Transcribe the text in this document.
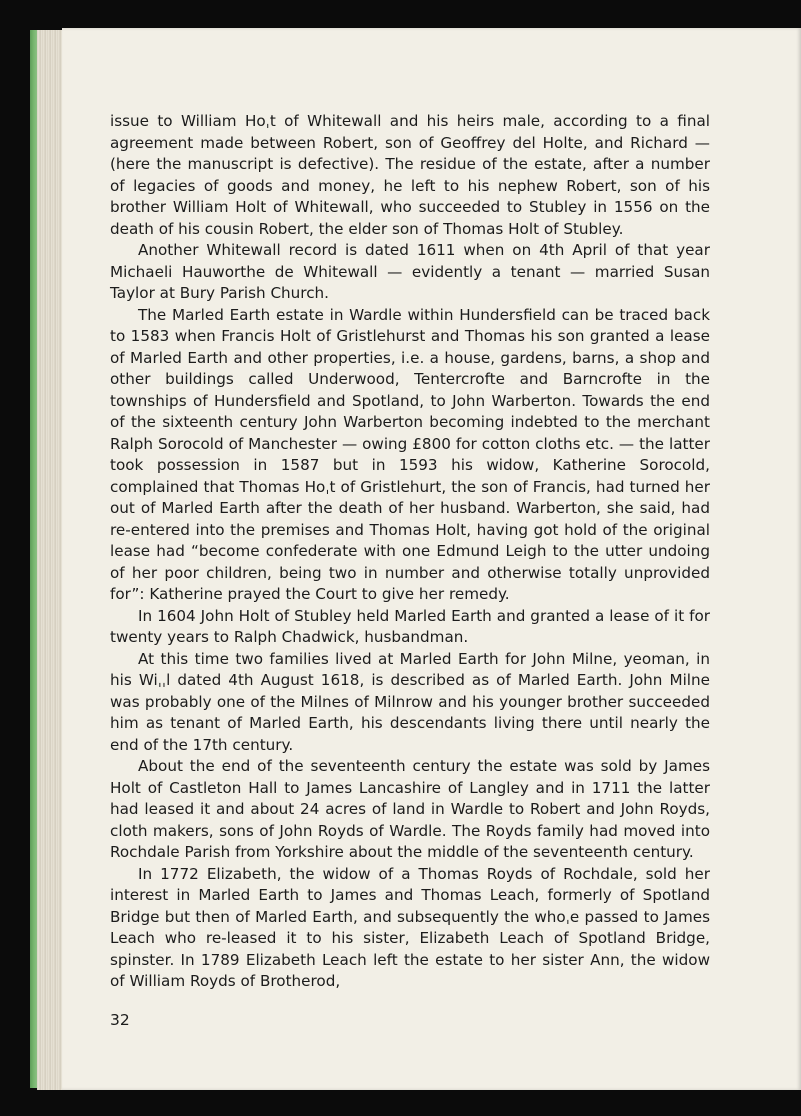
issue to William Hoˌt of Whitewall and his heirs male, according to a final agreement made between Robert, son of Geoffrey del Holte, and Richard — (here the manuscript is defective). The residue of the estate, after a number of legacies of goods and money, he left to his nephew Robert, son of his brother William Holt of Whitewall, who succeeded to Stubley in 1556 on the death of his cousin Robert, the elder son of Thomas Holt of Stubley.

Another Whitewall record is dated 1611 when on 4th April of that year Michaeli Hauworthe de Whitewall — evidently a tenant — married Susan Taylor at Bury Parish Church.

The Marled Earth estate in Wardle within Hundersfield can be traced back to 1583 when Francis Holt of Gristlehurst and Thomas his son granted a lease of Marled Earth and other properties, i.e. a house, gardens, barns, a shop and other buildings called Underwood, Tentercrofte and Barncrofte in the townships of Hundersfield and Spotland, to John Warberton. Towards the end of the sixteenth century John Warberton becoming indebted to the merchant Ralph Sorocold of Manchester — owing £800 for cotton cloths etc. — the latter took possession in 1587 but in 1593 his widow, Katherine Sorocold, complained that Thomas Hoˌt of Gristlehurt, the son of Francis, had turned her out of Marled Earth after the death of her husband. Warberton, she said, had re-entered into the premises and Thomas Holt, having got hold of the original lease had “become confederate with one Edmund Leigh to the utter undoing of her poor children, being two in number and otherwise totally unprovided for”: Katherine prayed the Court to give her remedy.

In 1604 John Holt of Stubley held Marled Earth and granted a lease of it for twenty years to Ralph Chadwick, husbandman.

At this time two families lived at Marled Earth for John Milne, yeoman, in his Wiˌˌl dated 4th August 1618, is described as of Marled Earth. John Milne was probably one of the Milnes of Milnrow and his younger brother succeeded him as tenant of Marled Earth, his descendants living there until nearly the end of the 17th century.

About the end of the seventeenth century the estate was sold by James Holt of Castleton Hall to James Lancashire of Langley and in 1711 the latter had leased it and about 24 acres of land in Wardle to Robert and John Royds, cloth makers, sons of John Royds of Wardle. The Royds family had moved into Rochdale Parish from Yorkshire about the middle of the seventeenth century.

In 1772 Elizabeth, the widow of a Thomas Royds of Rochdale, sold her interest in Marled Earth to James and Thomas Leach, formerly of Spotland Bridge but then of Marled Earth, and subsequently the whoˌe passed to James Leach who re-leased it to his sister, Elizabeth Leach of Spotland Bridge, spinster. In 1789 Elizabeth Leach left the estate to her sister Ann, the widow of William Royds of Brotherod,

32
